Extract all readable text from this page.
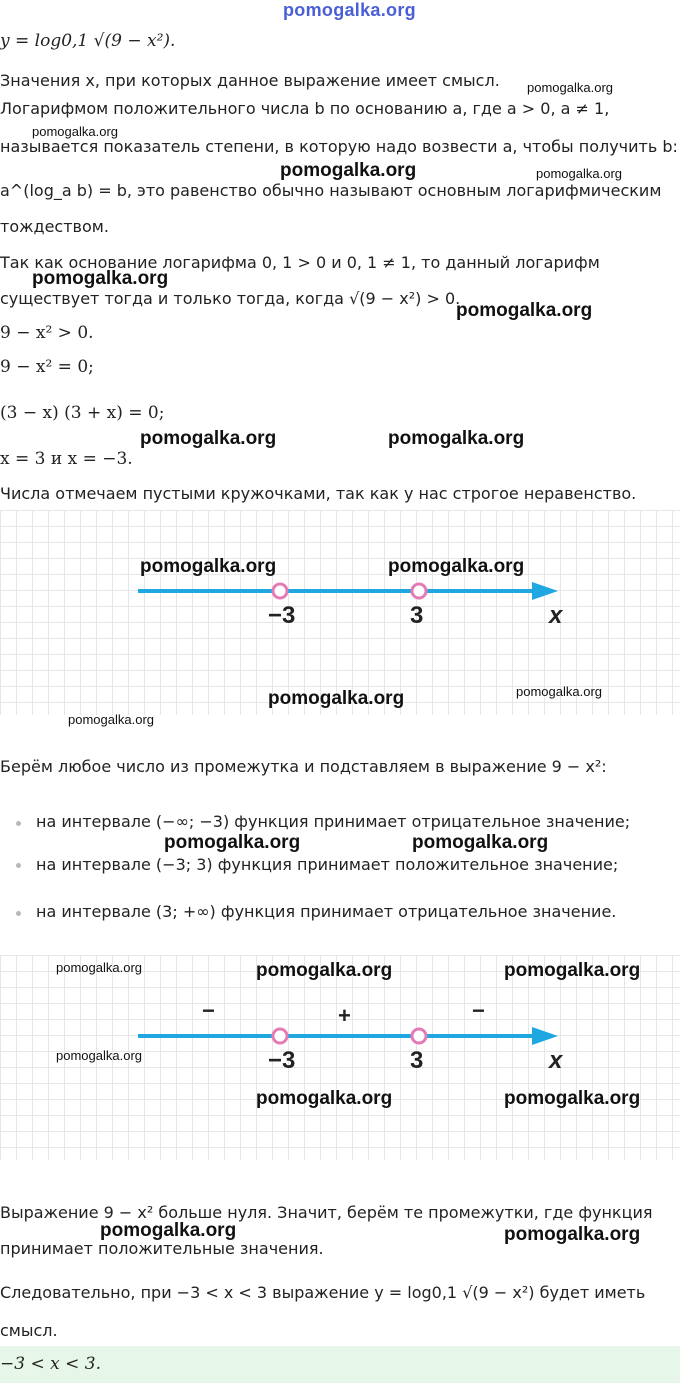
pomogalka.org
y = log0,1 √(9 − x²).
Значения x, при которых данное выражение имеет смысл.
Логарифмом положительного числа b по основанию a, где a > 0, a ≠ 1,
называется показатель степени, в которую надо возвести a, чтобы получить b:
a^(log_a b) = b, это равенство обычно называют основным логарифмическим
тождеством.
Так как основание логарифма 0, 1 > 0 и 0, 1 ≠ 1, то данный логарифм
существует тогда и только тогда, когда √(9 − x²) > 0.
9 − x² > 0.
9 − x² = 0;
(3 − x) (3 + x) = 0;
x = 3 и x = −3.
Числа отмечаем пустыми кружочками, так как у нас строгое неравенство.
−3	3	x
Берём любое число из промежутка и подставляем в выражение 9 − x²:
на интервале (−∞; −3) функция принимает отрицательное значение;
на интервале (−3; 3) функция принимает положительное значение;
на интервале (3; +∞) функция принимает отрицательное значение.
−	+	−
−3	3	x
Выражение 9 − x² больше нуля. Значит, берём те промежутки, где функция
принимает положительные значения.
Следовательно, при −3 < x < 3 выражение y = log0,1 √(9 − x²) будет иметь
смысл.
−3 < x < 3.
pomogalka.org
pomogalka.org
pomogalka.org	pomogalka.org
pomogalka.org
pomogalka.org
pomogalka.org	pomogalka.org
pomogalka.org	pomogalka.org
pomogalka.org	pomogalka.org
pomogalka.org
pomogalka.org	pomogalka.org
pomogalka.org	pomogalka.org	pomogalka.org
pomogalka.org
pomogalka.org	pomogalka.org
pomogalka.org	pomogalka.org
